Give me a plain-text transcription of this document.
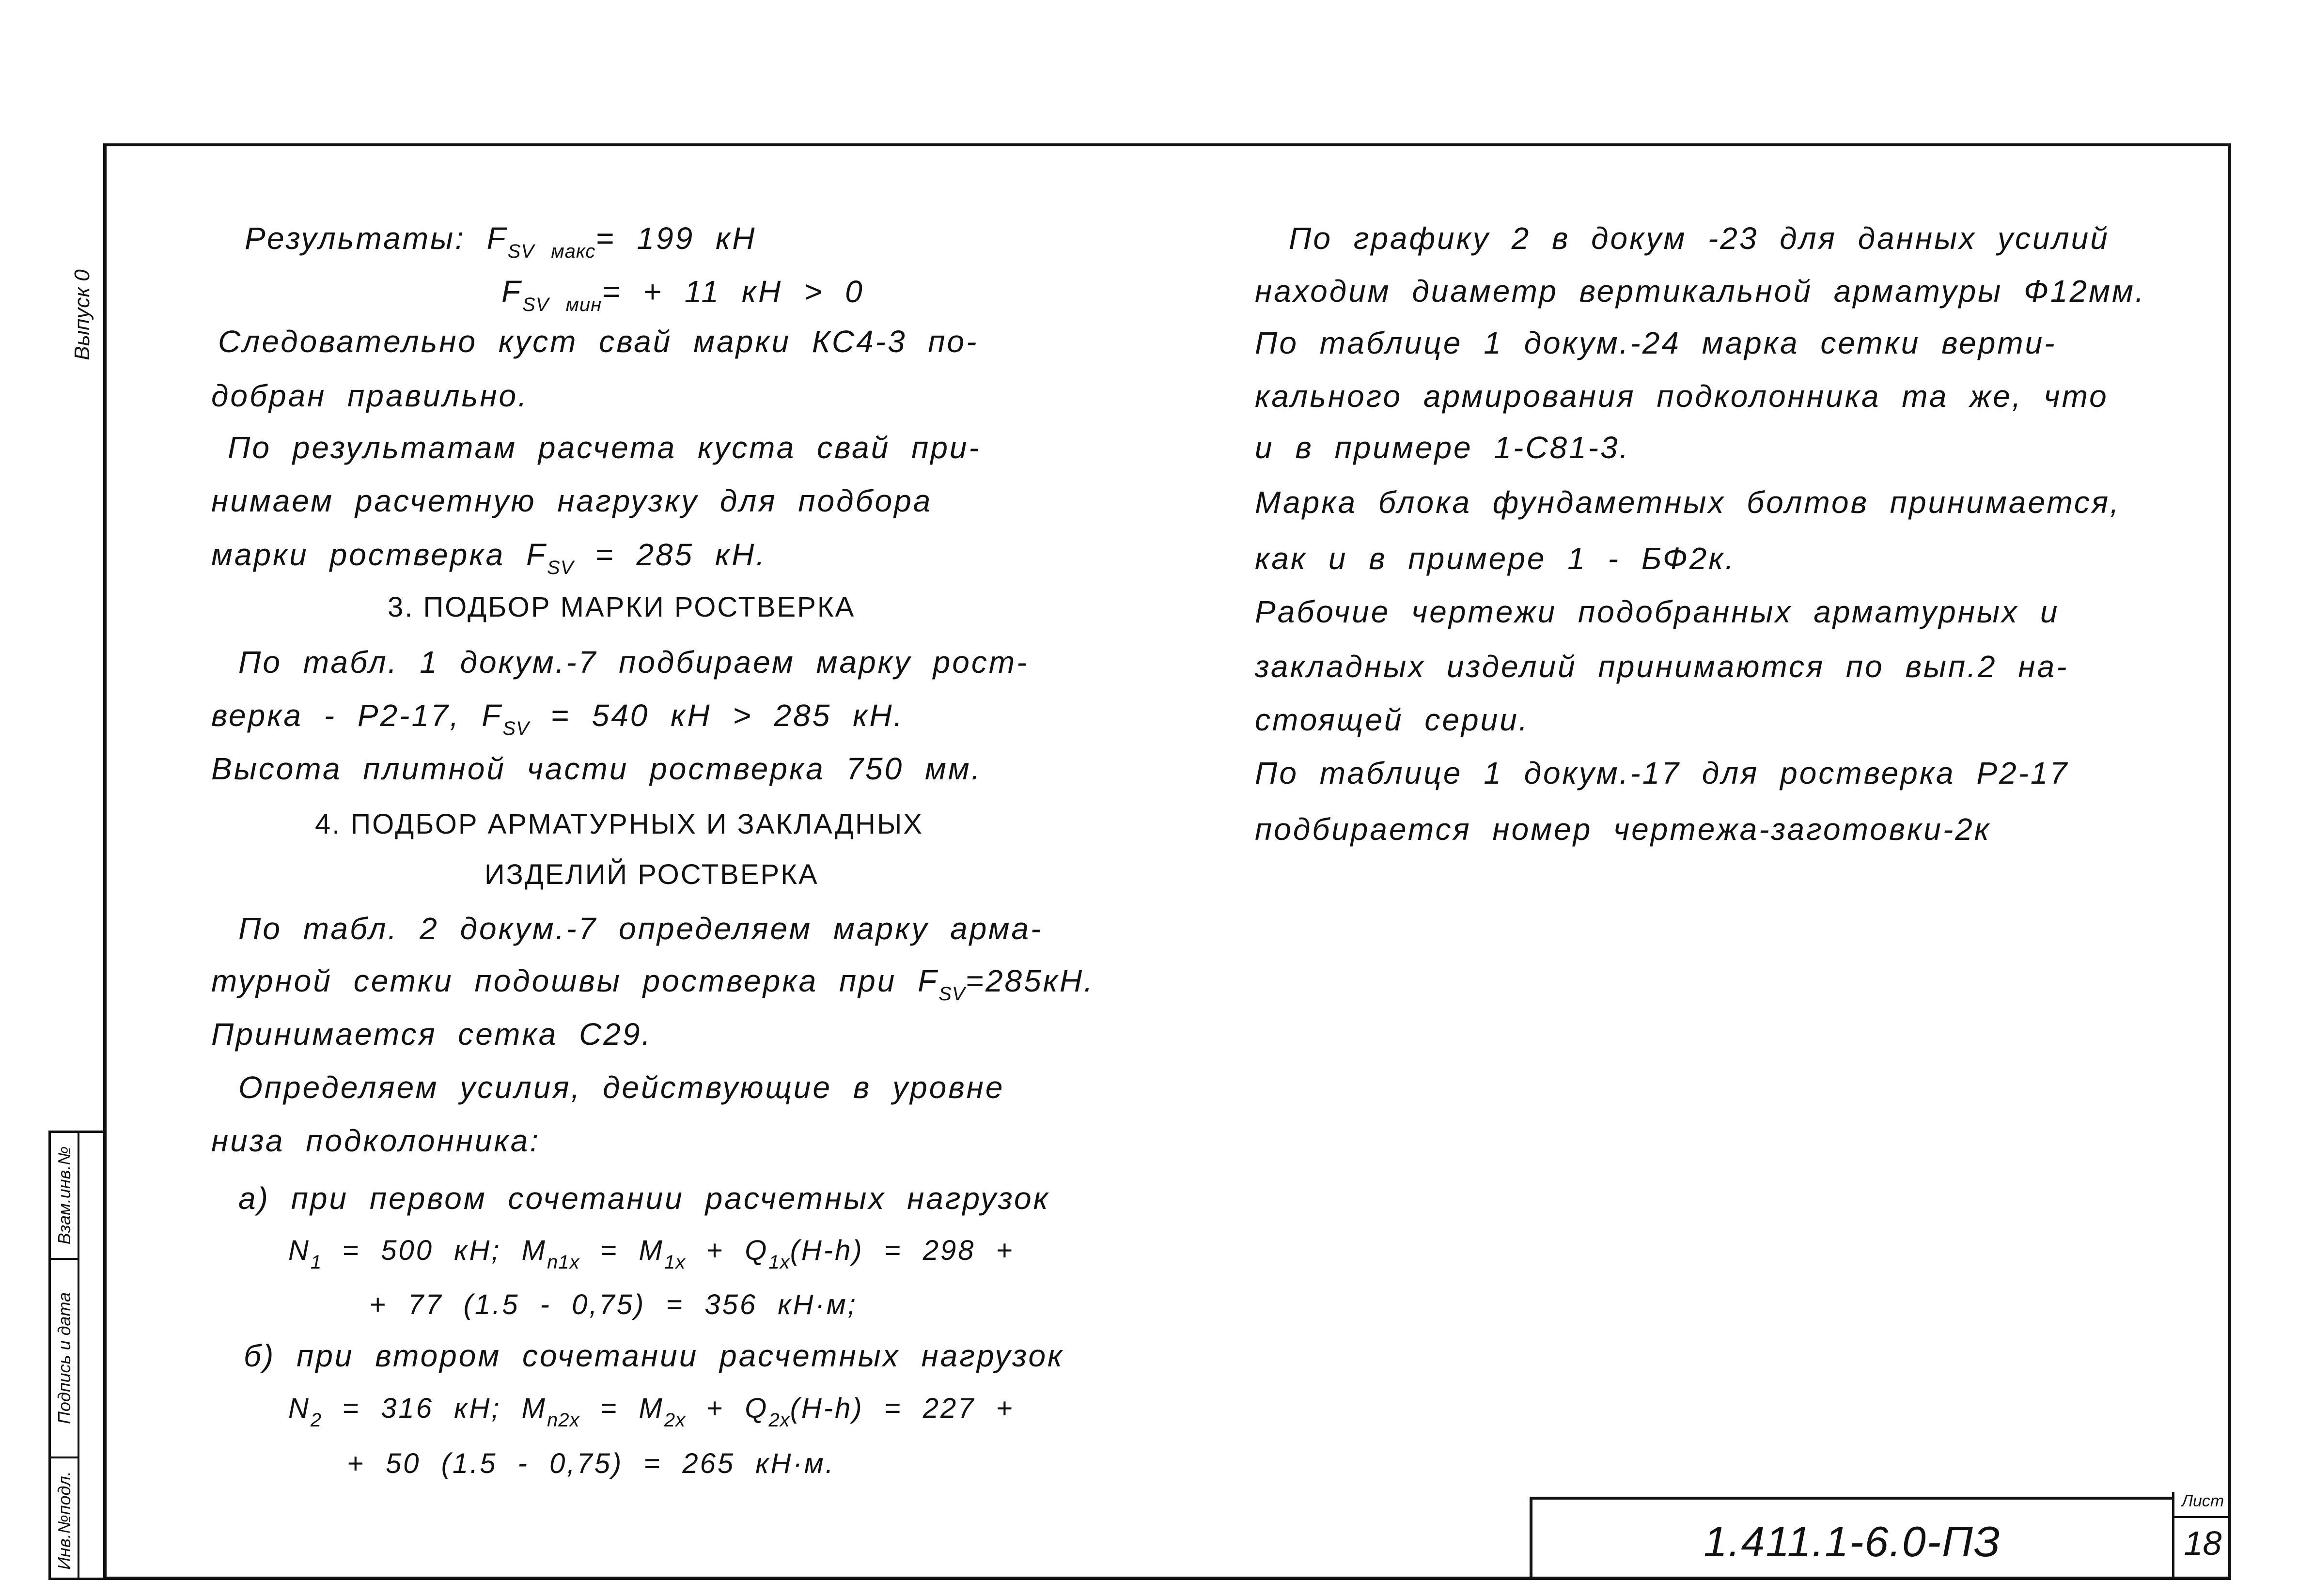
Выпуск 0
Взам.инв.№
Подпись и дата
Инв.№подл.
Результаты: $F_{SV макс}= 199$ кН
$F_{SV мин}= + 11$ кН > 0
Следовательно куст свай марки КС4-3 по-
добран правильно.
По результатам расчета куста свай при-
нимаем расчетную нагрузку для подбора
марки ростверка $F_{SV} = 285$ кН.
3. ПОДБОР МАРКИ РОСТВЕРКА
По табл. 1 докум.-7 подбираем марку рост-
верка - Р2-17, $F_{SV} = 540$ кН > 285 кН.
Высота плитной части ростверка 750 мм.
4. ПОДБОР АРМАТУРНЫХ И ЗАКЛАДНЫХ
ИЗДЕЛИЙ РОСТВЕРКА
По табл. 2 докум.-7 определяем марку арма-
турной сетки подошвы ростверка при $F_{SV}=285кН$.
Принимается сетка С29.
Определяем усилия, действующие в уровне
низа подколонника:
а) при первом сочетании расчетных нагрузок
$N_1 = 500$ кН; $M_{n1x} = M_{1x} + Q_{1x}(H-h) = 298$ +
+ 77 (1.5 - 0,75) = 356 кН·м;
б) при втором сочетании расчетных нагрузок
$N_2 = 316$ кН; $M_{n2x} = M_{2x} + Q_{2x}(H-h) = 227$ +
+ 50 (1.5 - 0,75) = 265 кН·м.
По графику 2 в докум -23 для данных усилий
находим диаметр вертикальной арматуры Ф12мм.
По таблице 1 докум.-24 марка сетки верти-
кального армирования подколонника та же, что
и в примере 1-С81-3.
Марка блока фундаметных болтов принимается,
как и в примере 1 - БФ2к.
Рабочие чертежи подобранных арматурных и
закладных изделий принимаются по вып.2 на-
стоящей серии.
По таблице 1 докум.-17 для ростверка Р2-17
подбирается номер чертежа-заготовки-2к
1.411.1-6.0-ПЗ
Лист
18
